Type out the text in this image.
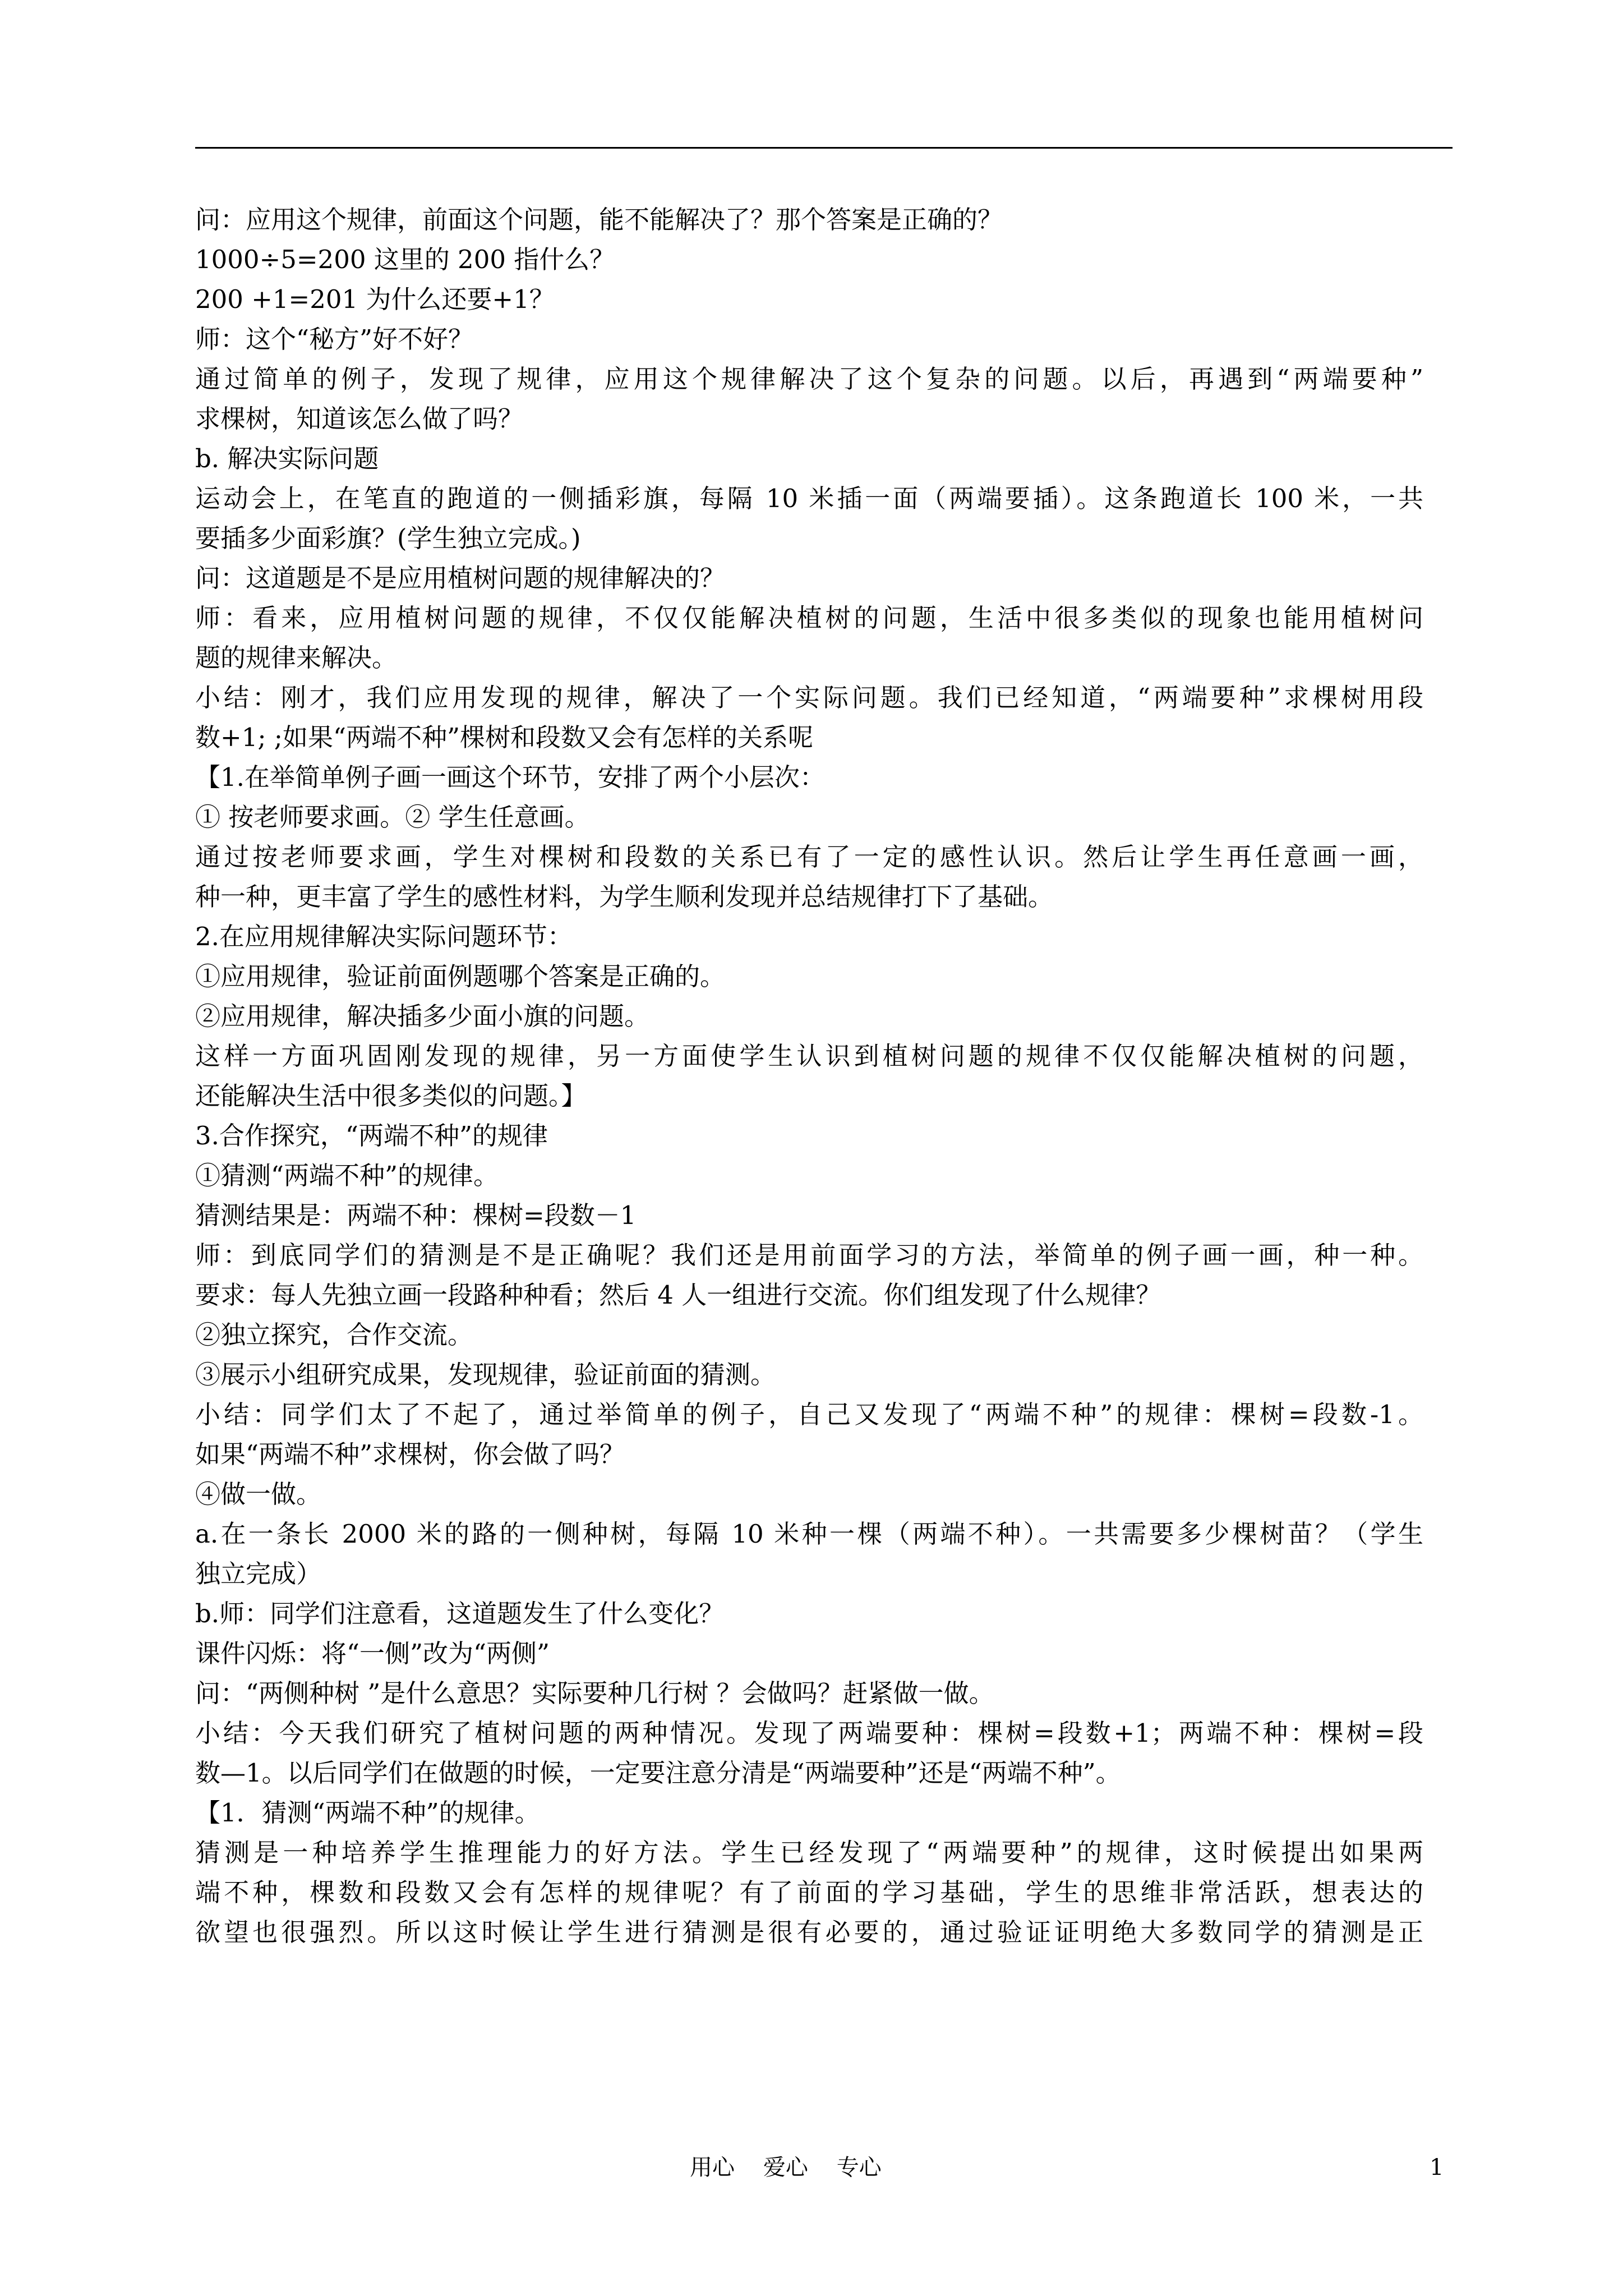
问：应用这个规律，前面这个问题，能不能解决了？那个答案是正确的？
1000÷5=200 这里的 200 指什么？
200 +1=201 为什么还要+1？
师：这个“秘方”好不好？
通过简单的例子，发现了规律，应用这个规律解决了这个复杂的问题。以后，再遇到“两端要种”
求棵树，知道该怎么做了吗？
b. 解决实际问题
运动会上，在笔直的跑道的一侧插彩旗，每隔 10 米插一面（两端要插）。这条跑道长 100 米，一共
要插多少面彩旗？(学生独立完成。)
问：这道题是不是应用植树问题的规律解决的？
师：看来，应用植树问题的规律，不仅仅能解决植树的问题，生活中很多类似的现象也能用植树问
题的规律来解决。
小结：刚才，我们应用发现的规律，解决了一个实际问题。我们已经知道，“两端要种”求棵树用段
数+1; ;如果“两端不种”棵树和段数又会有怎样的关系呢
【1.在举简单例子画一画这个环节，安排了两个小层次：
① 按老师要求画。② 学生任意画。
通过按老师要求画，学生对棵树和段数的关系已有了一定的感性认识。然后让学生再任意画一画，
种一种，更丰富了学生的感性材料，为学生顺利发现并总结规律打下了基础。
2.在应用规律解决实际问题环节：
①应用规律，验证前面例题哪个答案是正确的。
②应用规律，解决插多少面小旗的问题。
这样一方面巩固刚发现的规律，另一方面使学生认识到植树问题的规律不仅仅能解决植树的问题，
还能解决生活中很多类似的问题。】
3.合作探究，“两端不种”的规律
①猜测“两端不种”的规律。
猜测结果是：两端不种：棵树=段数－1
师：到底同学们的猜测是不是正确呢？我们还是用前面学习的方法，举简单的例子画一画，种一种。
要求：每人先独立画一段路种种看；然后 4 人一组进行交流。你们组发现了什么规律？
②独立探究，合作交流。
③展示小组研究成果，发现规律，验证前面的猜测。
小结：同学们太了不起了，通过举简单的例子，自己又发现了“两端不种”的规律：棵树=段数-1。
如果“两端不种”求棵树，你会做了吗？
④做一做。
a.在一条长 2000 米的路的一侧种树，每隔 10 米种一棵（两端不种）。一共需要多少棵树苗？（学生
独立完成）
b.师：同学们注意看，这道题发生了什么变化？
课件闪烁：将“一侧”改为“两侧”
问：“两侧种树 ”是什么意思？实际要种几行树 ？会做吗？赶紧做一做。
小结：今天我们研究了植树问题的两种情况。发现了两端要种：棵树=段数+1；两端不种：棵树=段
数—1。以后同学们在做题的时候，一定要注意分清是“两端要种”还是“两端不种”。
【1．猜测“两端不种”的规律。
猜测是一种培养学生推理能力的好方法。学生已经发现了“两端要种”的规律，这时候提出如果两
端不种，棵数和段数又会有怎样的规律呢？有了前面的学习基础，学生的思维非常活跃，想表达的
欲望也很强烈。所以这时候让学生进行猜测是很有必要的，通过验证证明绝大多数同学的猜测是正
用心    爱心    专心	1
